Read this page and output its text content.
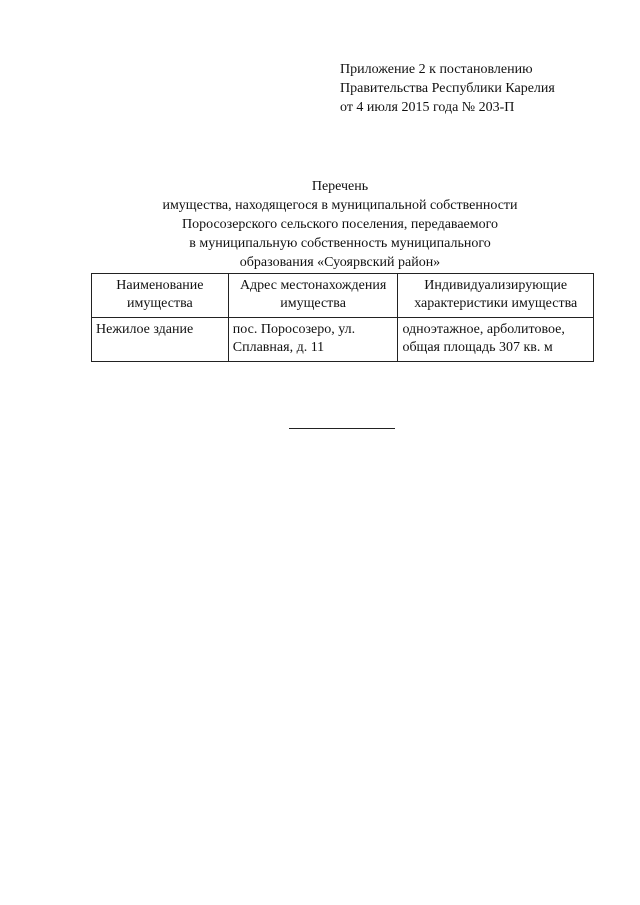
Приложение 2 к постановлению
Правительства Республики Карелия
от 4 июля 2015 года № 203-П
Перечень
имущества, находящегося в муниципальной собственности
Поросозерского сельского поселения, передаваемого
в муниципальную собственность муниципального
образования «Суоярвский район»
Наименование имущества	Адрес местонахождения имущества	Индивидуализирующие характеристики имущества
Нежилое здание	пос. Поросозеро, ул. Сплавная, д. 11	одноэтажное, арболитовое, общая площадь 307 кв. м
